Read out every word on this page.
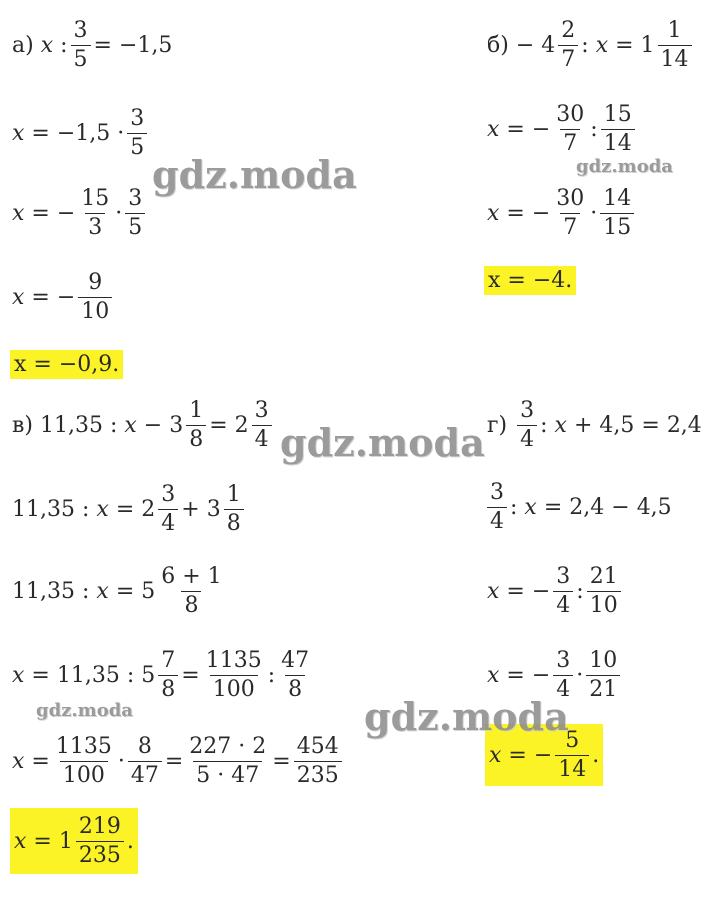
а) x : $\frac{3}{5} = -1,5$
$x = -1,5 \cdot \frac{3}{5}$
x = − $\frac{15}{3} \cdot \frac{3}{5}$
x = − $\frac{9}{10}$
x = −0,9.
$б) - 4 \frac{2}{7}$ : $x = 1 \frac{1}{14}$
x = − $\frac{30}{7}$ : $\frac{15}{14}$
x = − $\frac{30}{7} \cdot \frac{14}{15}$
x = −4.
в) 11,35 : $x - 3 \frac{1}{8} = 2 \frac{3}{4}$
11,35 : $x = 2 \frac{3}{4} + 3 \frac{1}{8}$
11,35 : $x = 5 \frac{6 + 1}{8}$
x = 11,35 : $5 \frac{7}{8} = \frac{1135}{100}$ : $\frac{47}{8}$
$x = \frac{1135}{100} \cdot \frac{8}{47} = \frac{227 \cdot 2}{5 \cdot 47} = \frac{454}{235}$
$x = 1 \frac{219}{235}$ .
$г) \frac{3}{4}$ : x + 4,5 = 2,4
$\frac{3}{4}$ : x = 2,4 − 4,5
x = − $\frac{3}{4}$ : $\frac{21}{10}$
x = − $\frac{3}{4} \cdot \frac{10}{21}$
x = − $\frac{5}{14}$ .
gdz.moda	gdz.moda
gdz.moda
gdz.moda	gdz.moda
